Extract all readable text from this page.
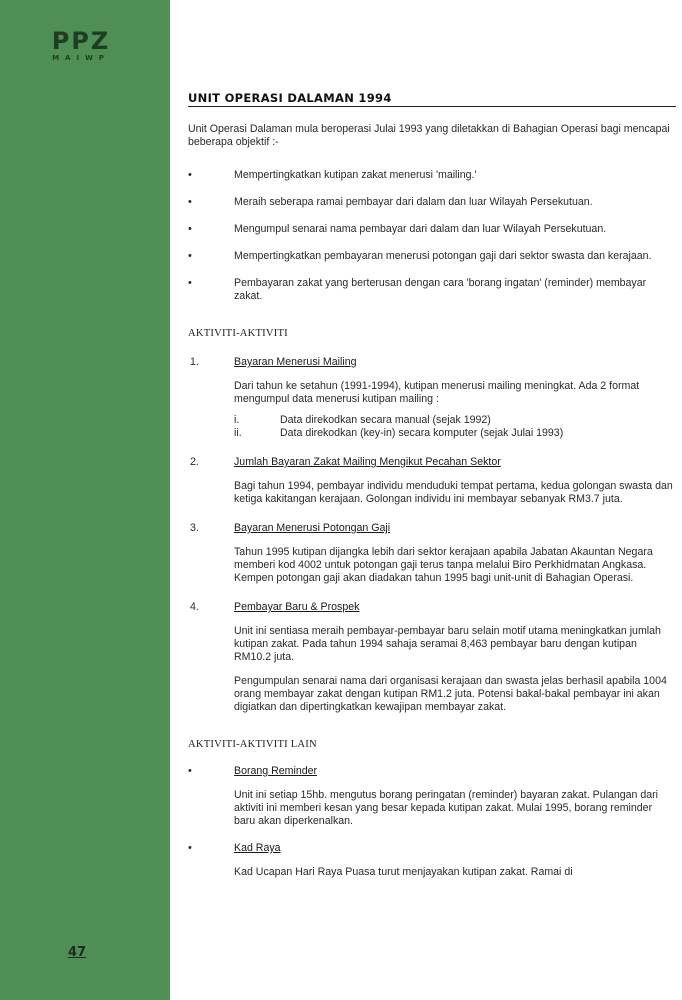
PPZ
MAIWP
47
UNIT OPERASI DALAMAN 1994

Unit Operasi Dalaman mula beroperasi Julai 1993 yang diletakkan di Bahagian Operasi bagi mencapai beberapa objektif :-

•	Mempertingkatkan kutipan zakat menerusi 'mailing.'
•	Meraih seberapa ramai pembayar dari dalam dan luar Wilayah Persekutuan.
•	Mengumpul senarai nama pembayar dari dalam dan luar Wilayah Persekutuan.
•	Mempertingkatkan pembayaran menerusi potongan gaji dari sektor swasta dan kerajaan.
•	Pembayaran zakat yang berterusan dengan cara 'borang ingatan' (reminder) membayar zakat.
AKTIVITI-AKTIVITI
1.	Bayaran Menerusi Mailing

Dari tahun ke setahun (1991-1994), kutipan menerusi mailing meningkat. Ada 2 format mengumpul data menerusi kutipan mailing :

i.	Data direkodkan secara manual (sejak 1992)
ii.	Data direkodkan (key-in) secara komputer (sejak Julai 1993)
2.	Jumlah Bayaran Zakat Mailing Mengikut Pecahan Sektor

Bagi tahun 1994, pembayar individu menduduki tempat pertama, kedua golongan swasta dan ketiga kakitangan kerajaan. Golongan individu ini membayar sebanyak RM3.7 juta.

3.	Bayaran Menerusi Potongan Gaji

Tahun 1995 kutipan dijangka lebih dari sektor kerajaan apabila Jabatan Akauntan Negara memberi kod 4002 untuk potongan gaji terus tanpa melalui Biro Perkhidmatan Angkasa. Kempen potongan gaji akan diadakan tahun 1995 bagi unit-unit di Bahagian Operasi.

4.	Pembayar Baru & Prospek

Unit ini sentiasa meraih pembayar-pembayar baru selain motif utama meningkatkan jumlah kutipan zakat. Pada tahun 1994 sahaja seramai 8,463 pembayar baru dengan kutipan RM10.2 juta.

Pengumpulan senarai nama dari organisasi kerajaan dan swasta jelas berhasil apabila 1004 orang membayar zakat dengan kutipan RM1.2 juta. Potensi bakal-bakal pembayar ini akan digiatkan dan dipertingkatkan kewajipan membayar zakat.

AKTIVITI-AKTIVITI LAIN
•	Borang Reminder

Unit ini setiap 15hb. mengutus borang peringatan (reminder) bayaran zakat. Pulangan dari aktiviti ini memberi kesan yang besar kepada kutipan zakat. Mulai 1995, borang reminder baru akan diperkenalkan.

•	Kad Raya

Kad Ucapan Hari Raya Puasa turut menjayakan kutipan zakat. Ramai di
